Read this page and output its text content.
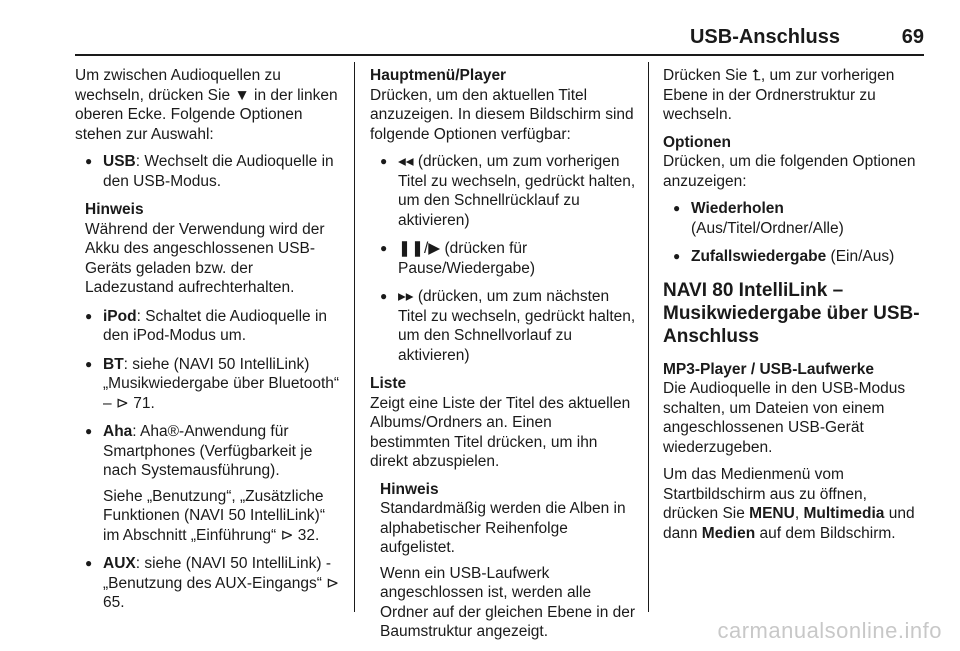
USB-Anschluss	69

Um zwischen Audioquellen zu wechseln, drücken Sie ▼ in der linken oberen Ecke. Folgende Optionen stehen zur Auswahl:

● USB: Wechselt die Audioquelle in den USB-Modus.
Hinweis
Während der Verwendung wird der Akku des angeschlossenen USB-Geräts geladen bzw. der Ladezustand aufrechterhalten.
● iPod: Schaltet die Audioquelle in den iPod-Modus um.
● BT: siehe (NAVI 50 IntelliLink) „Musikwiedergabe über Bluetooth“ – ⊳ 71.
● Aha: Aha®-Anwendung für Smartphones (Verfügbarkeit je nach Systemausführung).
Siehe „Benutzung“, „Zusätzliche Funktionen (NAVI 50 IntelliLink)“ im Abschnitt „Einführung“ ⊳ 32.
● AUX: siehe (NAVI 50 IntelliLink) - „Benutzung des AUX-Eingangs“ ⊳ 65.

Hauptmenü/Player
Drücken, um den aktuellen Titel anzuzeigen. In diesem Bildschirm sind folgende Optionen verfügbar:

● ◂◂ (drücken, um zum vorherigen Titel zu wechseln, gedrückt halten, um den Schnellrücklauf zu aktivieren)
● ❚❚/▶ (drücken für Pause/Wiedergabe)
● ▸▸ (drücken, um zum nächsten Titel zu wechseln, gedrückt halten, um den Schnellvorlauf zu aktivieren)

Liste
Zeigt eine Liste der Titel des aktuellen Albums/Ordners an. Einen bestimmten Titel drücken, um ihn direkt abzuspielen.

Hinweis
Standardmäßig werden die Alben in alphabetischer Reihenfolge aufgelistet.
Wenn ein USB-Laufwerk angeschlossen ist, werden alle Ordner auf der gleichen Ebene in der Baumstruktur angezeigt.

Drücken Sie ⮤, um zur vorherigen Ebene in der Ordnerstruktur zu wechseln.

Optionen
Drücken, um die folgenden Optionen anzuzeigen:

● Wiederholen (Aus/Titel/Ordner/Alle)
● Zufallswiedergabe (Ein/Aus)
NAVI 80 IntelliLink – Musikwiedergabe über USB-Anschluss

MP3-Player / USB-Laufwerke
Die Audioquelle in den USB-Modus schalten, um Dateien von einem angeschlossenen USB-Gerät wiederzugeben.

Um das Medienmenü vom Startbildschirm aus zu öffnen, drücken Sie MENU, Multimedia und dann Medien auf dem Bildschirm.

carmanualsonline.info
